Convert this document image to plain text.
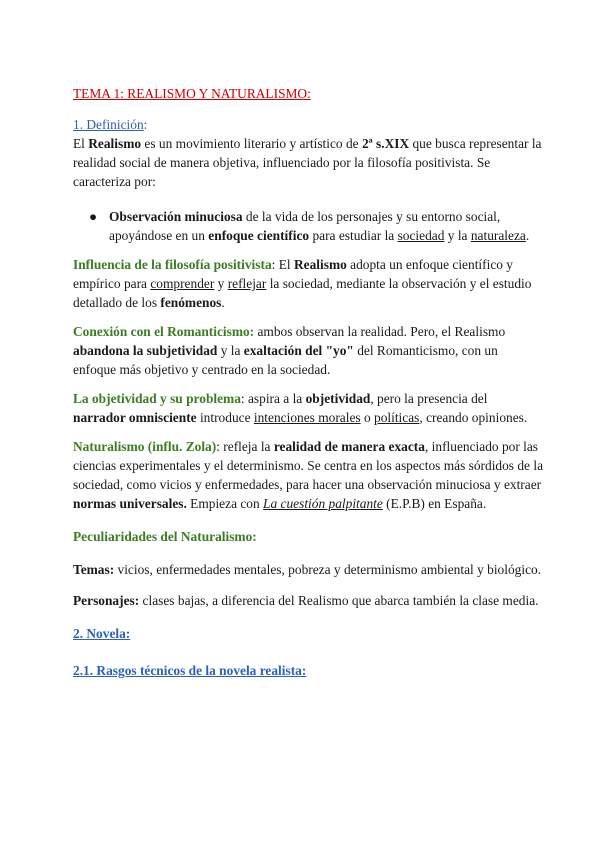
TEMA 1: REALISMO Y NATURALISMO:

1. Definición:
El Realismo es un movimiento literario y artístico de 2ª s.XIX que busca representar la realidad social de manera objetiva, influenciado por la filosofía positivista. Se caracteriza por:

● Observación minuciosa de la vida de los personajes y su entorno social, apoyándose en un enfoque científico para estudiar la sociedad y la naturaleza.

Influencia de la filosofía positivista: El Realismo adopta un enfoque científico y empírico para comprender y reflejar la sociedad, mediante la observación y el estudio detallado de los fenómenos.

Conexión con el Romanticismo: ambos observan la realidad. Pero, el Realismo abandona la subjetividad y la exaltación del "yo" del Romanticismo, con un enfoque más objetivo y centrado en la sociedad.

La objetividad y su problema: aspira a la objetividad, pero la presencia del narrador omnisciente introduce intenciones morales o políticas, creando opiniones.

Naturalismo (influ. Zola): refleja la realidad de manera exacta, influenciado por las ciencias experimentales y el determinismo. Se centra en los aspectos más sórdidos de la sociedad, como vicios y enfermedades, para hacer una observación minuciosa y extraer normas universales. Empieza con La cuestión palpitante (E.P.B) en España.

Peculiaridades del Naturalismo:

Temas: vicios, enfermedades mentales, pobreza y determinismo ambiental y biológico.

Personajes: clases bajas, a diferencia del Realismo que abarca también la clase media.

2. Novela:

2.1. Rasgos técnicos de la novela realista:
